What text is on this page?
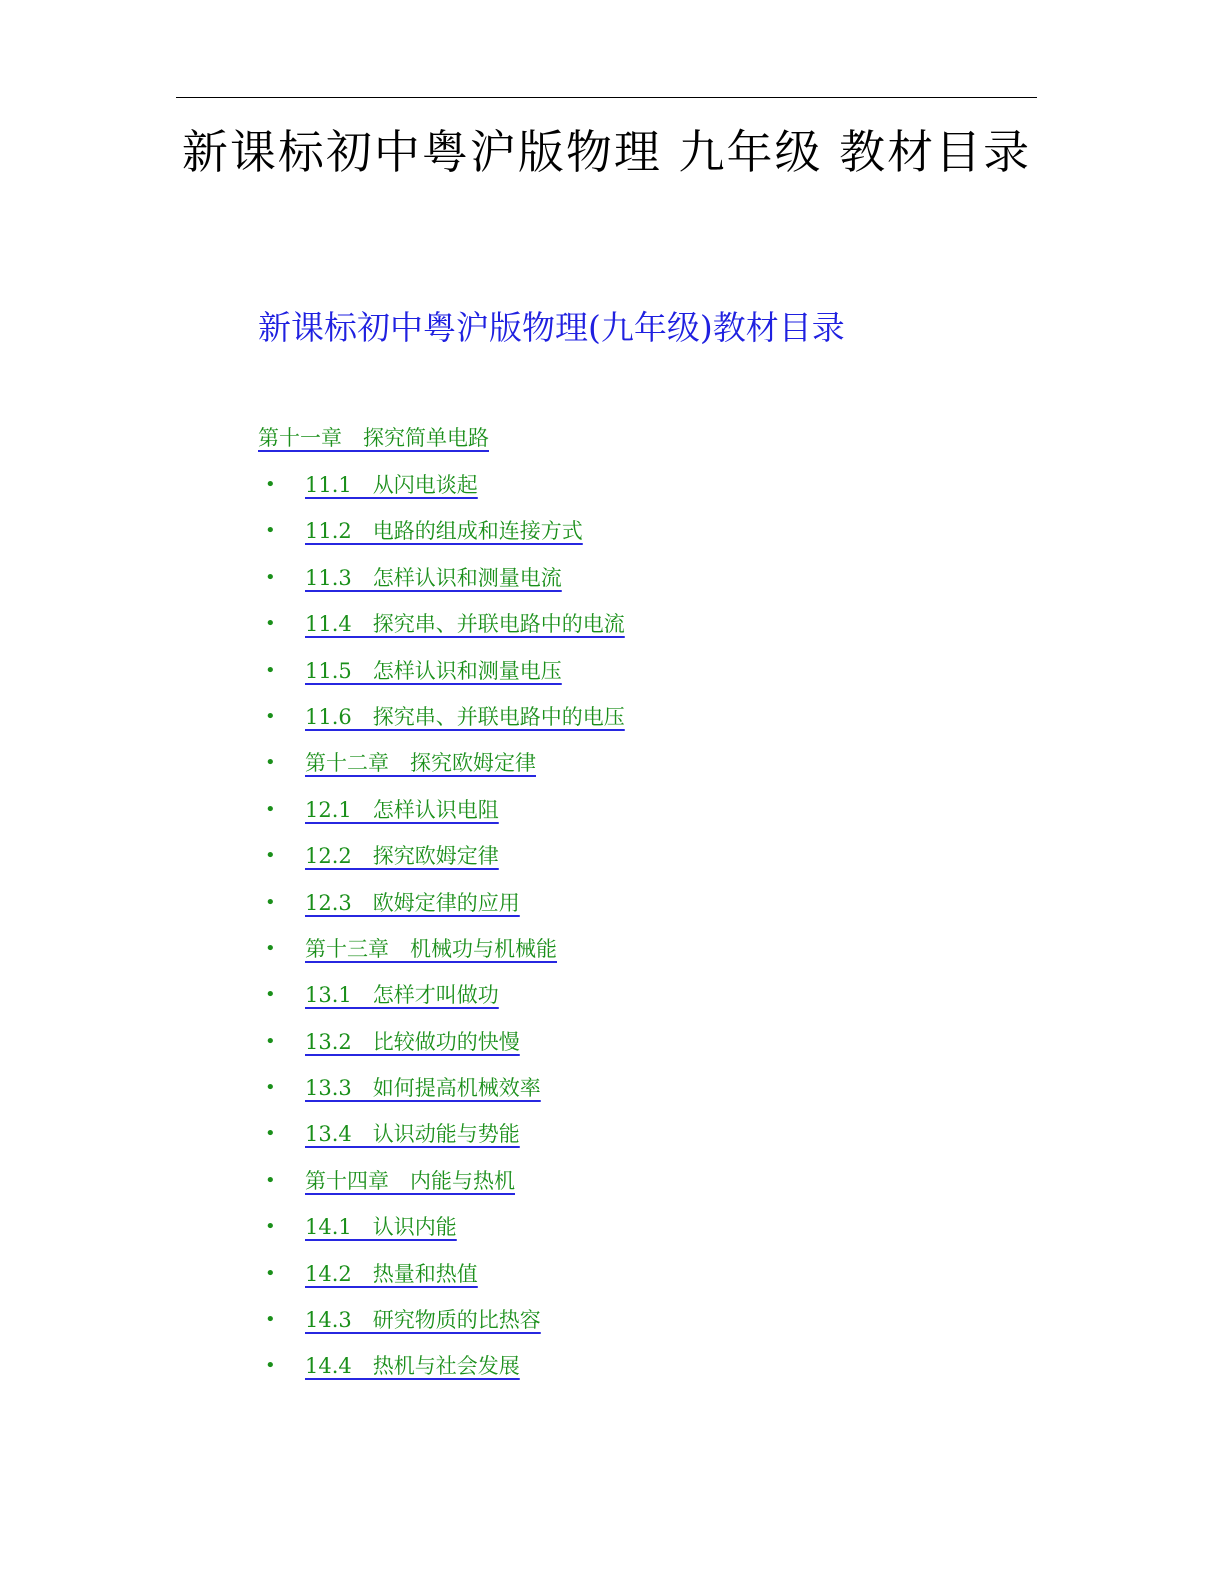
新课标初中粤沪版物理 九年级 教材目录
新课标初中粤沪版物理(九年级)教材目录
第十一章　探究简单电路
•	11.1　从闪电谈起
•	11.2　电路的组成和连接方式
•	11.3　怎样认识和测量电流
•	11.4　探究串、并联电路中的电流
•	11.5　怎样认识和测量电压
•	11.6　探究串、并联电路中的电压
•	第十二章　探究欧姆定律
•	12.1　怎样认识电阻
•	12.2　探究欧姆定律
•	12.3　欧姆定律的应用
•	第十三章　机械功与机械能
•	13.1　怎样才叫做功
•	13.2　比较做功的快慢
•	13.3　如何提高机械效率
•	13.4　认识动能与势能
•	第十四章　内能与热机
•	14.1　认识内能
•	14.2　热量和热值
•	14.3　研究物质的比热容
•	14.4　热机与社会发展
